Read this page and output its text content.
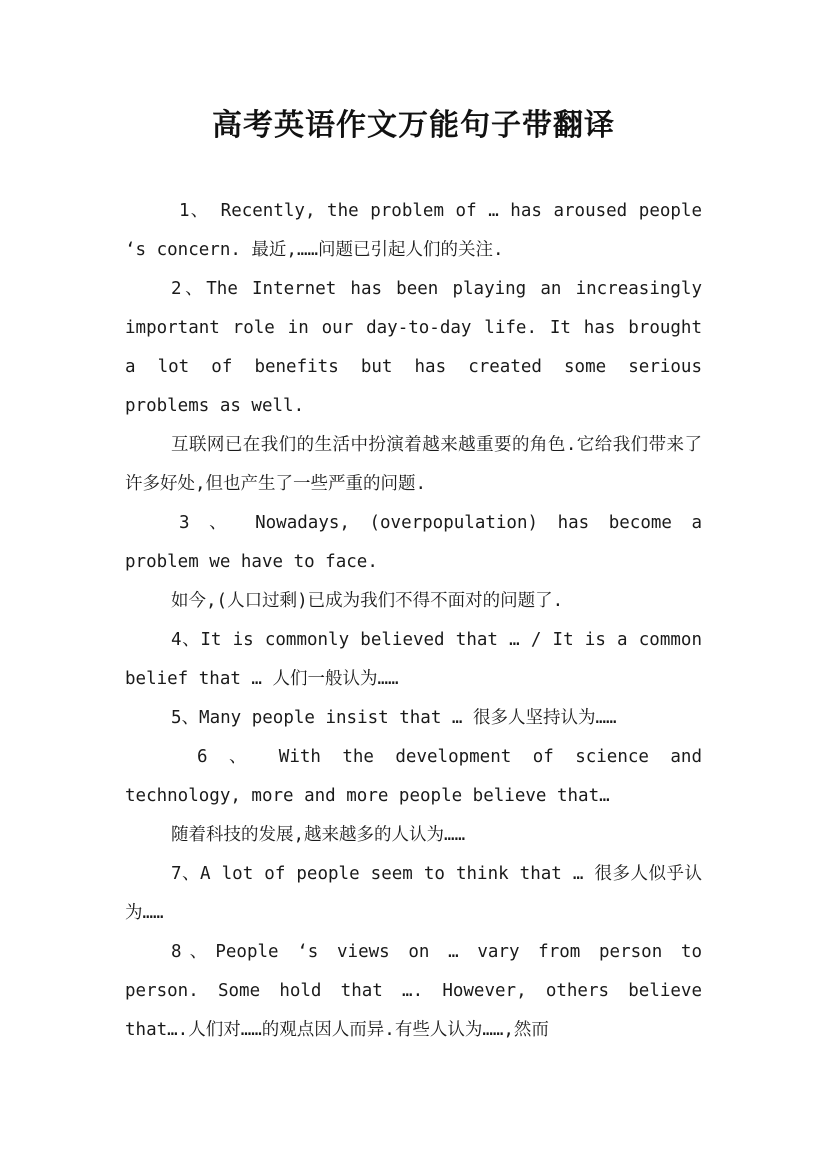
高考英语作文万能句子带翻译

1、 Recently, the problem of … has aroused people ‘s concern. 最近,……问题已引起人们的关注.

2、The Internet has been playing an increasingly important role in our day-to-day life. It has brought a lot of benefits but has created some serious problems as well.

互联网已在我们的生活中扮演着越来越重要的角色.它给我们带来了许多好处,但也产生了一些严重的问题.

3 、 Nowadays, (overpopulation) has become a problem we have to face.

如今,(人口过剩)已成为我们不得不面对的问题了.

4、It is commonly believed that … / It is a common belief that … 人们一般认为……

5、Many people insist that … 很多人坚持认为……

6 、 With the development of science and technology, more and more people believe that…

随着科技的发展,越来越多的人认为……

7、A lot of people seem to think that … 很多人似乎认为……

8、People ‘s views on … vary from person to person. Some hold that …. However, others believe that….人们对……的观点因人而异.有些人认为……,然而
